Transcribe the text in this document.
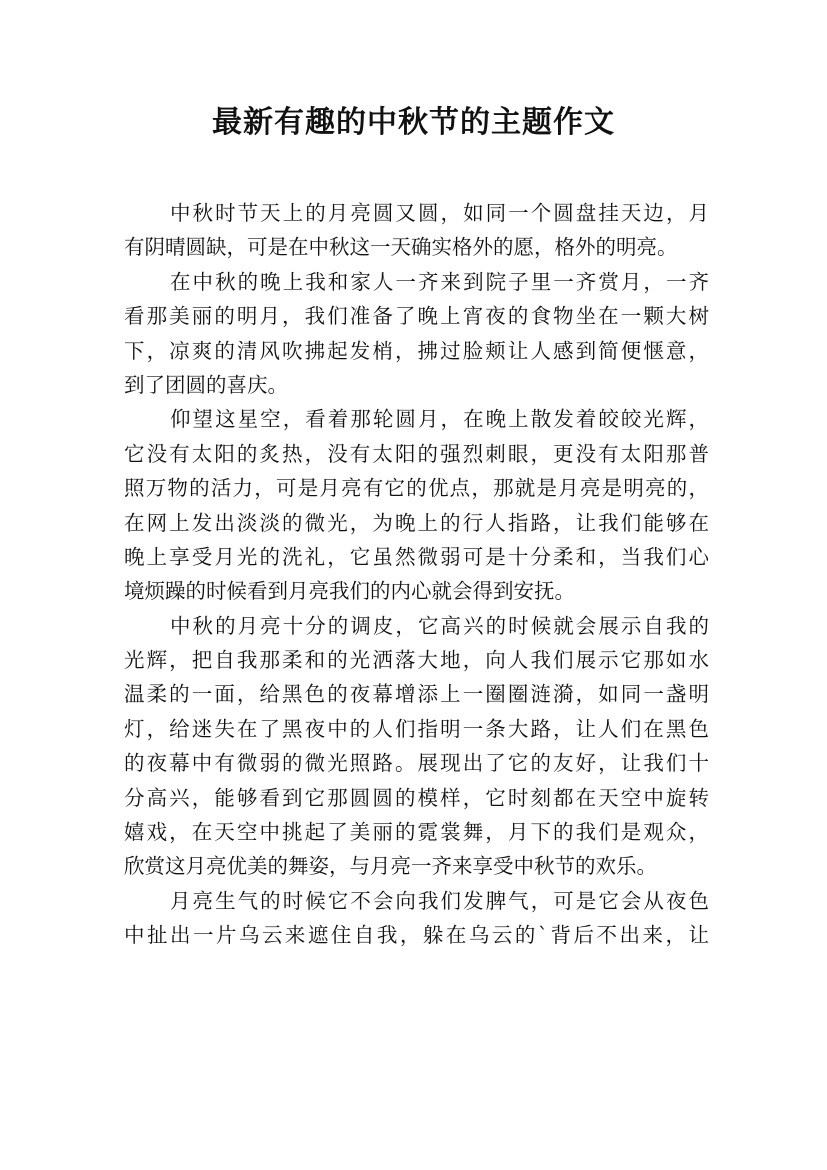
最新有趣的中秋节的主题作文
中秋时节天上的月亮圆又圆，如同一个圆盘挂天边，月
有阴晴圆缺，可是在中秋这一天确实格外的愿，格外的明亮。
在中秋的晚上我和家人一齐来到院子里一齐赏月，一齐
看那美丽的明月，我们准备了晚上宵夜的食物坐在一颗大树
下，凉爽的清风吹拂起发梢，拂过脸颊让人感到简便惬意，
到了团圆的喜庆。
仰望这星空，看着那轮圆月，在晚上散发着皎皎光辉，
它没有太阳的炙热，没有太阳的强烈刺眼，更没有太阳那普
照万物的活力，可是月亮有它的优点，那就是月亮是明亮的，
在网上发出淡淡的微光，为晚上的行人指路，让我们能够在
晚上享受月光的洗礼，它虽然微弱可是十分柔和，当我们心
境烦躁的时候看到月亮我们的内心就会得到安抚。
中秋的月亮十分的调皮，它高兴的时候就会展示自我的
光辉，把自我那柔和的光洒落大地，向人我们展示它那如水
温柔的一面，给黑色的夜幕增添上一圈圈涟漪，如同一盏明
灯，给迷失在了黑夜中的人们指明一条大路，让人们在黑色
的夜幕中有微弱的微光照路。展现出了它的友好，让我们十
分高兴，能够看到它那圆圆的模样，它时刻都在天空中旋转
嬉戏，在天空中挑起了美丽的霓裳舞，月下的我们是观众，
欣赏这月亮优美的舞姿，与月亮一齐来享受中秋节的欢乐。
月亮生气的时候它不会向我们发脾气，可是它会从夜色
中扯出一片乌云来遮住自我，躲在乌云的`背后不出来，让
